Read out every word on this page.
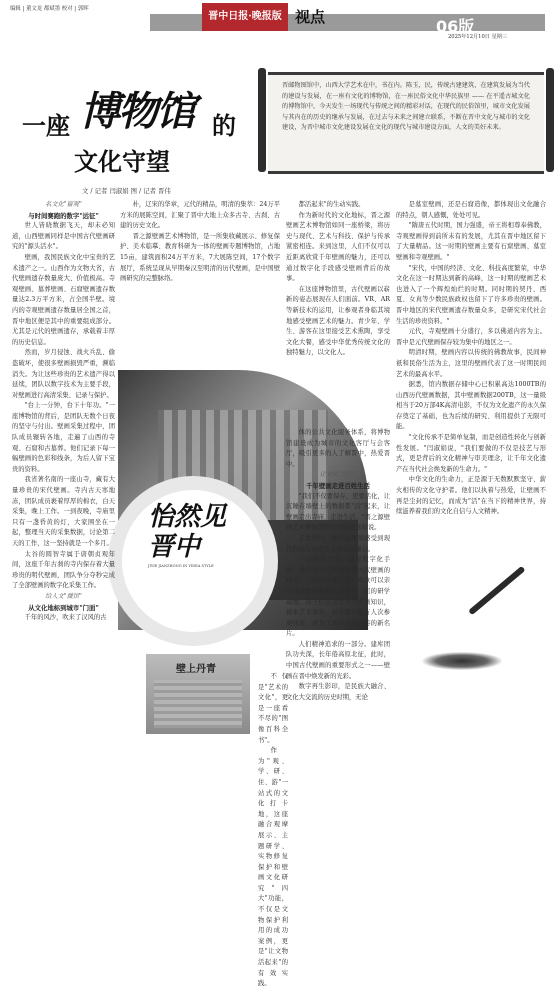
编辑 | 董文龙 都斌墨 校对 | 郭晖
晋中日报·晚报版 视点	06版
2025年12月10日 星期三
一座 博物馆 的
文化守望
文 / 记者 闫淑娟 图 / 记者 晋伟
晋邮物图馆中，山西大学艺术在中，书在内。陈玉，民，传统古建建筑，在建筑发展为当代的建设与发展，在一座有文化的博物馆，在一座民俗文化中华民族里 —— 在平遥古城文化的博物馆中，今天发生一场现代与传统之间的精彩对话，在现代的民俗馆里，城市文化发展与其内在的历史的继承与发展，在过去与未来之间建立联系，不断在晋中文化与城市的文化建设，为晋中城市文化建设发展在文化的现代与城市建设方面，人文的美好未来。
怡然见晋中
JIYIE JIANZHONG IN YIDEA STYLE
壁上丹青

名文化"留观"

与时间赛跑的数字"远征"

世人皆晓数据飞天，却未必知道，山西壁画同样是中国古代壁画研究的"源头活水"。

壁画，我国民族文化中宝贵的艺术遗产之一。山西作为文物大省，古代壁画遗存数量庞大、价值极高。寺观壁画、墓葬壁画、石窟壁画遗存数量达2.3万平方米，占全国半壁。境内的寺观壁画遗存数量居全国之首，晋中地区便是其中的重要组成部分。尤其是元代的壁画遗存，承载着丰厚的历史信息。

然而，岁月侵蚀、战火兵乱、偷盗破坏，使很多壁画损毁严重，濒临消失。为让这些珍贵的艺术遗产得以延续，团队以数字技术为主要手段，对壁画进行高清采集、记录与保护。

"台上一分钟，台下十年功。"一座博物馆的背后，是团队无数个日夜的坚守与付出。壁画采集过程中，团队成员辗转各地，走遍了山西的寺观、石窟和古墓葬。他们记录下每一幅壁画的色彩和线条，为后人留下宝贵的资料。

我省著名南的一座山寺，藏有大量珍贵的宋代壁画。寺内古天寒地冻，团队成员裹着厚厚的棉衣，白天采集，晚上工作。一到夜晚，寺庙里只有一盏昏黄的灯，大家围坐在一起，整理当天的采集数据，讨论第二天的工作，这一坚持就是一个多月。

太谷的圆智寺属于唐朝贞观年间，这座千年古刹的寺内保存着大量珍贵的明代壁画，团队争分夺秒完成了全部壁画的数字化采集工作。

给人文"微馆"

从文化地标到城市"门面"

千年的风沙，吹来了汉风的古

朴，辽宋的华章，元代的精品，明清的集萃：24万平方米的展陈空间，汇聚了晋中大地上众多古寺、古刹、古建的历史文化。

晋之源壁画艺术博物馆，是一所集收藏展示、修复保护、美术临摹、教育科研为一体的壁画专题博物馆，占地15亩，建筑面积24万平方米，7大展陈空间，17个数字展厅，系统呈现从早期秦汉至明清的历代壁画，是中国壁画研究的完整脉络。

不仅是"艺术的文化"，更是一座看不尽的"图像百科全书"。

作为"观、学、研、住、游"一站式的文化打卡地，这座融合观摩展示、主题研学、实物修复保护和壁画文化研究"四大"功能，不仅是文物保护利用的成功案例，更是"让文物活起来"的有效实践。

都活起来"的生动实践。

作为新时代的文化地标，晋之源壁画艺术博物馆如同一座桥梁，将历史与现代、艺术与科技、保护与传承紧密相连。来到这里，人们不仅可以近距离欣赏千年壁画的魅力，还可以通过数字化手段感受壁画背后的故事。

在这座博物馆里，古代壁画以崭新的姿态展现在人们面前。VR、AR等新技术的运用，让参观者身临其境地感受壁画艺术的魅力。青少年、学生、游客在这里接受艺术熏陶，享受文化大餐，感受中华优秀传统文化的独特魅力，以文化人。

体的公共文化服务体系，将博物馆建设成为城市的文化客厅与会客厅，吸引更多的人了解晋中，热爱晋中。

让文化"共享"

千年壁画走进百姓生活

"我们不仅要保存，更要活化，让沉睡在墙壁上的数据都"活"起来，让壁画走出寺庙，走进生活。"晋之源壁画艺术博物馆馆长闫淑娟这样说。

走进馆内，观众能深刻感受到现代科技与古老艺术的完美融合。

一层的展厅里，通过数字化手段，观众可以近距离欣赏古代壁画的细节；二层的互动区里，观众可以亲手体验壁画临摹和修复；三层的研学基地，孩子们在这里学习壁画知识，探索艺术奥秘，每年吸引数万人次参观体验，成为了晋中文化旅游的新名片。

人们精神追求的一部分。建库团队功夫深，长年倦高原北征，此时，中国古代壁画的重要形式之一——壁画在晋中焕发新的光彩。

数字再生影印，是民族大融合、文化大交流的历史时期，无论

是墓室壁画，还是石窟造像，都体现出文化融合的特点，朝人感慨，处处可见。

"隋唐五代时期，国力强盛，帝王将相尊奉佛教，寺观壁画得到前所未有的发展，尤其在晋中地区留下了大量精品。这一时期的壁画主要有石窟壁画、墓室壁画和寺观壁画。"

"宋代，中国的经济、文化、科技高度繁荣，中华文化在这一时期达到新的高峰，这一时期的壁画艺术也进入了一个辉煌灿烂的时期。同时期的契丹、西夏、女真等少数民族政权也留下了许多珍贵的壁画。晋中地区的宋代壁画遗存数量众多，是研究宋代社会生活的珍贵资料。"

元代，寺观壁画十分盛行，多以佛道内容为主。晋中是元代壁画保存较为集中的地区之一。

明清时期，壁画内容以传统的佛教故事，民间神祇和民俗生活为主，这里的壁画代表了这一时期民间艺术的最高水平。

据悉，馆内数据存储中心已积累高达1000TB的山西历代壁画数据，其中壁画数据200TB，这一量级相当于20万部4K高清电影，不仅为文化遗产的永久保存奠定了基础，也为后续的研究、利用提供了无限可能。

"文化传承不是简单复制，而是创造性转化与创新性发展。"闫淑娟说，"我们要做的不仅是技艺与形式，更是背后的文化精神与审美理念，让千年文化遗产在当代社会焕发新的生命力。"

中华文化的生命力，正是源于无数默默坚守、薪火相传的文化守护者。他们以执着与热爱，让壁画不再是尘封的记忆，而成为"活"在当下的精神世界，持续滋养着我们的文化自信与人文精神。
